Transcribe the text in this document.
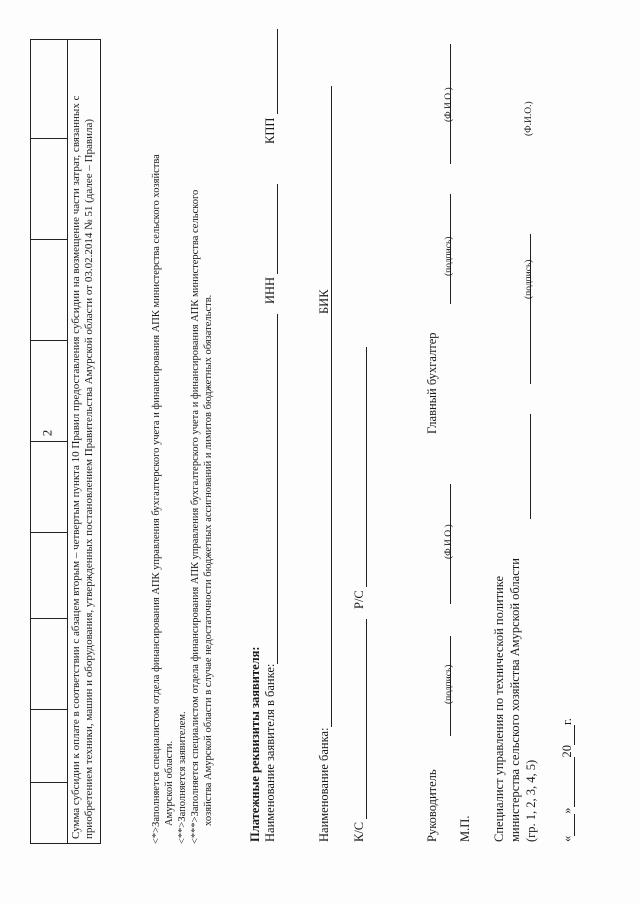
2
								Сумма субсидии к оплате в соответствии с абзацем вторым – четвертым пункта 10 Правил предоставления субсидии на возмещение части затрат, связанных с приобретением техники, машин и оборудования, утвержденных постановлением Правительства Амурской области от 03.02.2014 № 51 (далее – Правила)	<*>Заполняется специалистом отдела финансирования АПК управления бухгалтерского учета и финансирования АПК министерства сельского хозяйства Амурской области. <**>Заполняется заявителем. <***>Заполняется специалистом отдела финансирования АПК управления бухгалтерского учета и финансирования АПК министерства сельского хозяйства Амурской области в случае недостаточности бюджетных ассигнований и лимитов бюджетных обязательств.	Платежные реквизиты заявителя: Наименование заявителя в банке:
ИНН
КПП
Наименование банка:
БИК
К/С
Р/С
Руководитель
(подпись)
(Ф.И.О.)
Главный бухгалтер
(подпись)
(Ф.И.О.)
М.П. Специалист управления по технической политике министерства сельского хозяйства Амурской области
(подпись)
(Ф.И.О.)
(гр. 1, 2, 3, 4, 5) «»20г.
